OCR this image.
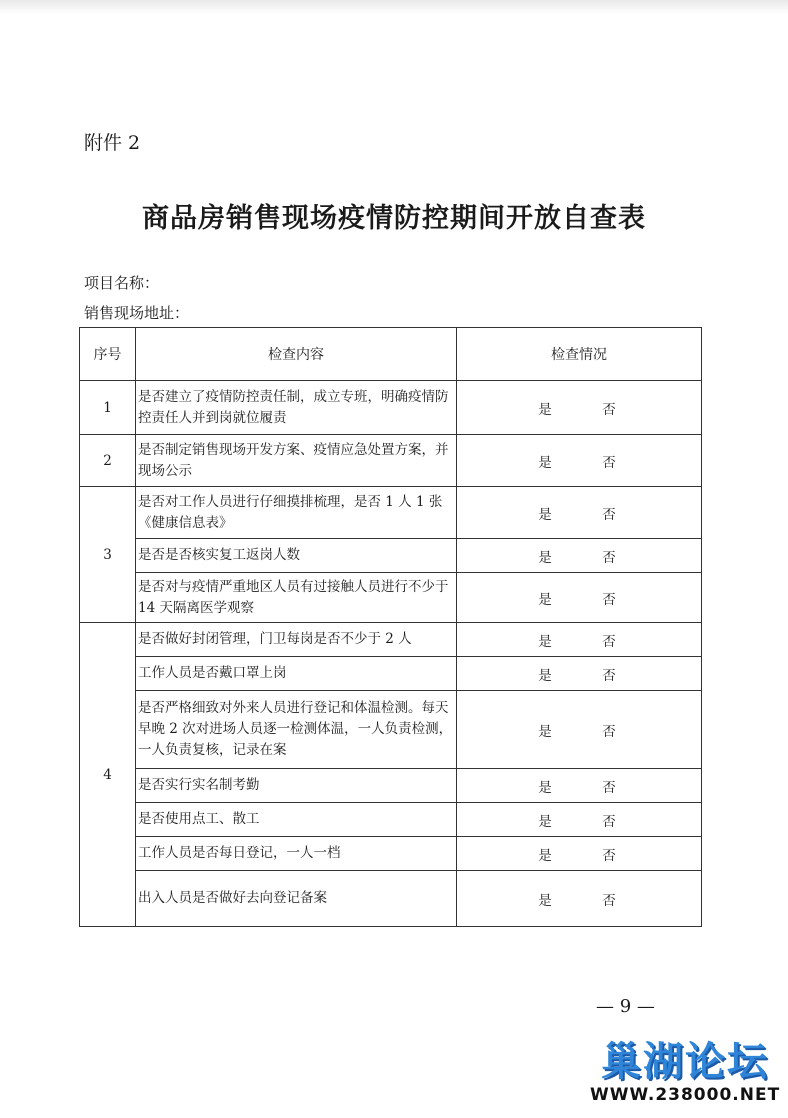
附件 2
商品房销售现场疫情防控期间开放自查表
项目名称：
销售现场地址：
序号	检查内容	检查情况
1	是否建立了疫情防控责任制，成立专班，明确疫情防控责任人并到岗就位履责	是 否

2	是否制定销售现场开发方案、疫情应急处置方案，并现场公示	是 否

3	是否对工作人员进行仔细摸排梳理，是否 1 人 1 张《健康信息表》	是 否

	是否是否核实复工返岗人数	是 否

	是否对与疫情严重地区人员有过接触人员进行不少于 14 天隔离医学观察	是 否

4	是否做好封闭管理，门卫每岗是否不少于 2 人	是 否

	工作人员是否戴口罩上岗	是 否

	是否严格细致对外来人员进行登记和体温检测。每天早晚 2 次对进场人员逐一检测体温，一人负责检测，一人负责复核，记录在案	是 否

	是否实行实名制考勤	是 否

	是否使用点工、散工	是 否

	工作人员是否每日登记，一人一档	是 否

	出入人员是否做好去向登记备案	是 否
— 9 —
巢湖论坛
WWW.238000.NET
